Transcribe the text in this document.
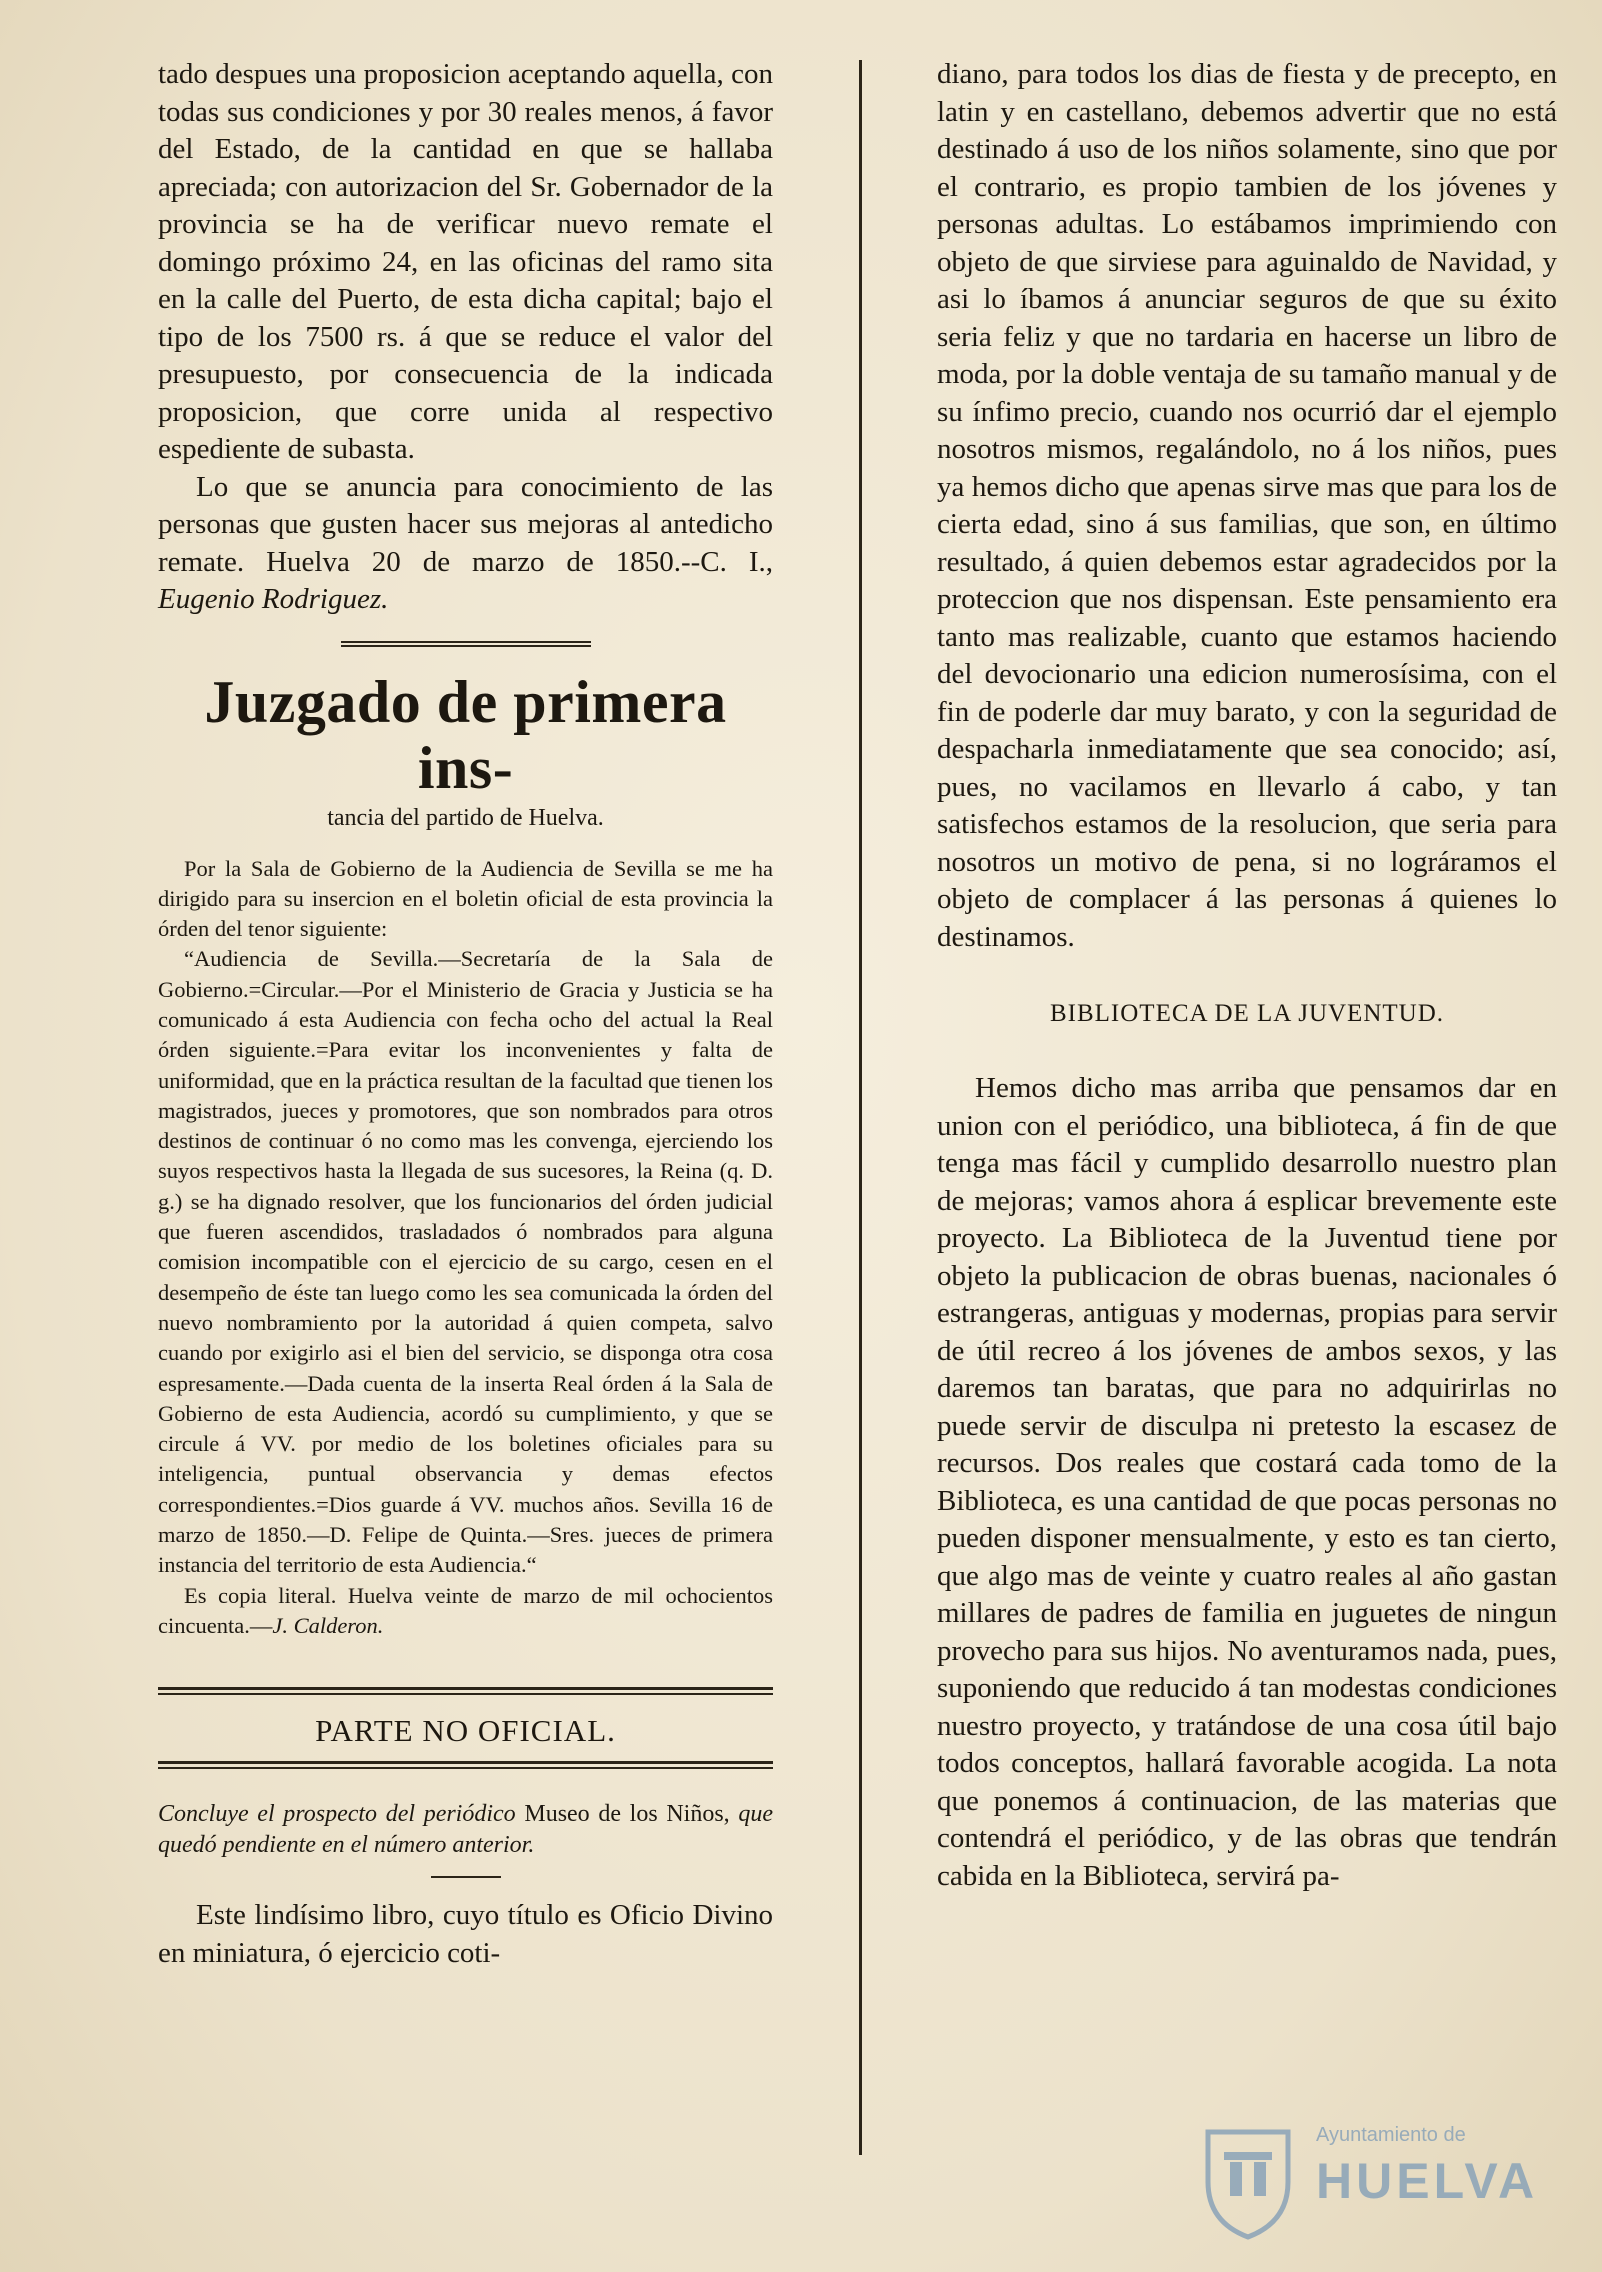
tado despues una proposicion aceptando aquella, con todas sus condiciones y por 30 reales menos, á favor del Estado, de la cantidad en que se hallaba apreciada; con autorizacion del Sr. Gobernador de la provincia se ha de verificar nuevo remate el domingo próximo 24, en las oficinas del ramo sita en la calle del Puerto, de esta dicha capital; bajo el tipo de los 7500 rs. á que se reduce el valor del presupuesto, por consecuencia de la indicada proposicion, que corre unida al respectivo espediente de subasta.

Lo que se anuncia para conocimiento de las personas que gusten hacer sus mejoras al antedicho remate. Huelva 20 de marzo de 1850.--C. I., Eugenio Rodriguez.

Juzgado de primera ins-
tancia del partido de Huelva.

Por la Sala de Gobierno de la Audiencia de Sevilla se me ha dirigido para su insercion en el boletin oficial de esta provincia la órden del tenor siguiente:

“Audiencia de Sevilla.—Secretaría de la Sala de Gobierno.=Circular.—Por el Ministerio de Gracia y Justicia se ha comunicado á esta Audiencia con fecha ocho del actual la Real órden siguiente.=Para evitar los inconvenientes y falta de uniformidad, que en la práctica resultan de la facultad que tienen los magistrados, jueces y promotores, que son nombrados para otros destinos de continuar ó no como mas les convenga, ejerciendo los suyos respectivos hasta la llegada de sus sucesores, la Reina (q. D. g.) se ha dignado resolver, que los funcionarios del órden judicial que fueren ascendidos, trasladados ó nombrados para alguna comision incompatible con el ejercicio de su cargo, cesen en el desempeño de éste tan luego como les sea comunicada la órden del nuevo nombramiento por la autoridad á quien competa, salvo cuando por exigirlo asi el bien del servicio, se disponga otra cosa espresamente.—Dada cuenta de la inserta Real órden á la Sala de Gobierno de esta Audiencia, acordó su cumplimiento, y que se circule á VV. por medio de los boletines oficiales para su inteligencia, puntual observancia y demas efectos correspondientes.=Dios guarde á VV. muchos años. Sevilla 16 de marzo de 1850.—D. Felipe de Quinta.—Sres. jueces de primera instancia del territorio de esta Audiencia.“

Es copia literal. Huelva veinte de marzo de mil ochocientos cincuenta.—J. Calderon.

PARTE NO OFICIAL.

Concluye el prospecto del periódico Museo de los Niños, que quedó pendiente en el número anterior.

Este lindísimo libro, cuyo título es Oficio Divino en miniatura, ó ejercicio coti-

diano, para todos los dias de fiesta y de precepto, en latin y en castellano, debemos advertir que no está destinado á uso de los niños solamente, sino que por el contrario, es propio tambien de los jóvenes y personas adultas. Lo estábamos imprimiendo con objeto de que sirviese para aguinaldo de Navidad, y asi lo íbamos á anunciar seguros de que su éxito seria feliz y que no tardaria en hacerse un libro de moda, por la doble ventaja de su tamaño manual y de su ínfimo precio, cuando nos ocurrió dar el ejemplo nosotros mismos, regalándolo, no á los niños, pues ya hemos dicho que apenas sirve mas que para los de cierta edad, sino á sus familias, que son, en último resultado, á quien debemos estar agradecidos por la proteccion que nos dispensan. Este pensamiento era tanto mas realizable, cuanto que estamos haciendo del devocionario una edicion numerosísima, con el fin de poderle dar muy barato, y con la seguridad de despacharla inmediatamente que sea conocido; así, pues, no vacilamos en llevarlo á cabo, y tan satisfechos estamos de la resolucion, que seria para nosotros un motivo de pena, si no lográramos el objeto de complacer á las personas á quienes lo destinamos.

BIBLIOTECA DE LA JUVENTUD.

Hemos dicho mas arriba que pensamos dar en union con el periódico, una biblioteca, á fin de que tenga mas fácil y cumplido desarrollo nuestro plan de mejoras; vamos ahora á esplicar brevemente este proyecto. La Biblioteca de la Juventud tiene por objeto la publicacion de obras buenas, nacionales ó estrangeras, antiguas y modernas, propias para servir de útil recreo á los jóvenes de ambos sexos, y las daremos tan baratas, que para no adquirirlas no puede servir de disculpa ni pretesto la escasez de recursos. Dos reales que costará cada tomo de la Biblioteca, es una cantidad de que pocas personas no pueden disponer mensualmente, y esto es tan cierto, que algo mas de veinte y cuatro reales al año gastan millares de padres de familia en juguetes de ningun provecho para sus hijos. No aventuramos nada, pues, suponiendo que reducido á tan modestas condiciones nuestro proyecto, y tratándose de una cosa útil bajo todos conceptos, hallará favorable acogida. La nota que ponemos á continuacion, de las materias que contendrá el periódico, y de las obras que tendrán cabida en la Biblioteca, servirá pa-

Ayuntamiento de
HUELVA
